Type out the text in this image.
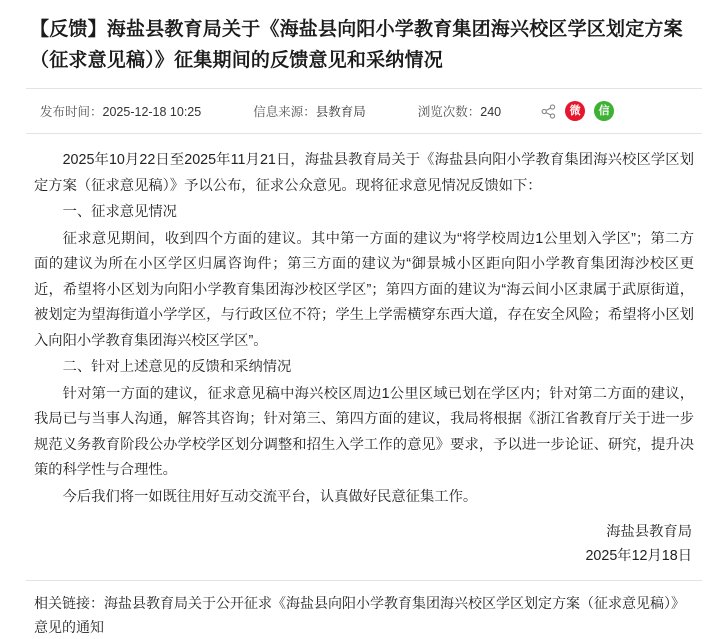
【反馈】海盐县教育局关于《海盐县向阳小学教育集团海兴校区学区划定方案（征求意见稿）》征集期间的反馈意见和采纳情况
发布时间：2025-12-18 10:25	信息来源：县教育局	浏览次数：240	微 信

2025年10月22日至2025年11月21日，海盐县教育局关于《海盐县向阳小学教育集团海兴校区学区划定方案（征求意见稿）》予以公布，征求公众意见。现将征求意见情况反馈如下：

一、征求意见情况

征求意见期间，收到四个方面的建议。其中第一方面的建议为“将学校周边1公里划入学区”；第二方面的建议为所在小区学区归属咨询件；第三方面的建议为“御景城小区距向阳小学教育集团海沙校区更近，希望将小区划为向阳小学教育集团海沙校区学区”；第四方面的建议为“海云间小区隶属于武原街道，被划定为望海街道小学学区，与行政区位不符；学生上学需横穿东西大道，存在安全风险；希望将小区划入向阳小学教育集团海兴校区学区”。

二、针对上述意见的反馈和采纳情况

针对第一方面的建议，征求意见稿中海兴校区周边1公里区域已划在学区内；针对第二方面的建议，我局已与当事人沟通，解答其咨询；针对第三、第四方面的建议，我局将根据《浙江省教育厅关于进一步规范义务教育阶段公办学校学区划分调整和招生入学工作的意见》要求，予以进一步论证、研究，提升决策的科学性与合理性。

今后我们将一如既往用好互动交流平台，认真做好民意征集工作。

海盐县教育局
2025年12月18日
相关链接：海盐县教育局关于公开征求《海盐县向阳小学教育集团海兴校区学区划定方案（征求意见稿）》意见的通知
